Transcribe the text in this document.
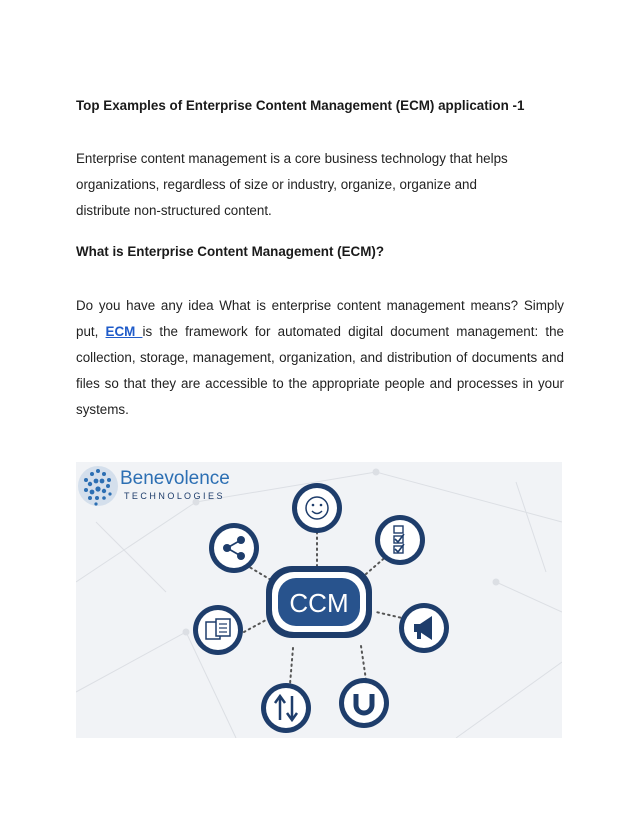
Top Examples of Enterprise Content Management (ECM) application -1
Enterprise content management is a core business technology that helps
organizations, regardless of size or industry, organize, organize and
distribute non-structured content.
What is Enterprise Content Management (ECM)?
Do you have any idea What is enterprise content management means? Simply put, ECM is the framework for automated digital document management: the collection, storage, management, organization, and distribution of documents and files so that they are accessible to the appropriate people and processes in your systems.
Benevolence
T E C H N O L O G I E S
CCM
